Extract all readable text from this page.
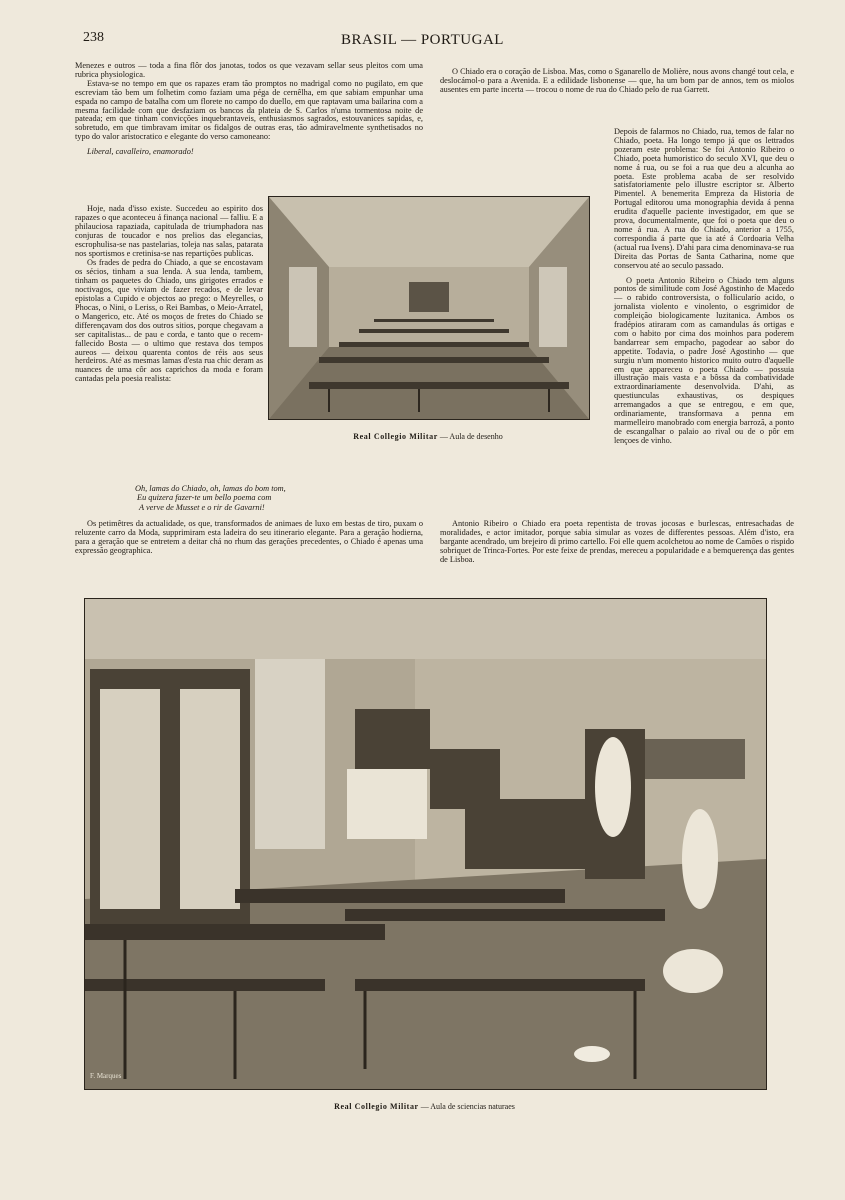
238	BRASIL — PORTUGAL

Menezes e outros — toda a fina flôr dos janotas, todos os que vezavam sellar seus pleitos com uma rubrica physiologica.

Estava-se no tempo em que os rapazes eram tão promptos no madrigal como no pugilato, em que escreviam tão bem um folhetim como faziam uma péga de cernêlha, em que sabiam empunhar uma espada no campo de batalha com um florete no campo do duello, em que raptavam uma bailarina com a mesma facilidade com que desfaziam os bancos da plateia de S. Carlos n'uma tormentosa noite de pateada; em que tinham convicções inquebrantaveis, enthusiasmos sagrados, estouvanices sapidas, e, sobretudo, em que timbravam imitar os fidalgos de outras eras, tão admiravelmente synthetisados no typo do valor aristocratico e elegante do verso camoneano:

Liberal, cavalleiro, enamorado!

Hoje, nada d'isso existe. Succedeu ao espirito dos rapazes o que aconteceu á finança nacional — falliu. E a philauciosa rapaziada, capitulada de triumphadora nas conjuras de toucador e nos prelios das elegancias, escrophulisa-se nas pastelarias, toleja nas salas, patarata nos sportismos e cretinisa-se nas repartições publicas.

Os frades de pedra do Chiado, a que se encostavam os sécios, tinham a sua lenda. A sua lenda, tambem, tinham os paquetes do Chiado, uns girigotes errados e noctivagos, que viviam de fazer recados, e de levar epistolas a Cupido e objectos ao prego: o Meyrelles, o Phocas, o Nini, o Leriss, o Rei Bambas, o Meio-Arratel, o Mangerico, etc. Até os moços de fretes do Chiado se differençavam dos dos outros sitios, porque chegavam a ser capitalistas... de pau e corda, e tanto que o recem-fallecido Bosta — o ultimo que restava dos tempos aureos — deixou quarenta contos de réis aos seus herdeiros. Até as mesmas lamas d'esta rua chic deram as nuances de uma côr aos caprichos da moda e foram cantadas pela poesia realista:

Oh, lamas do Chiado, oh, lamas do bom tom,

Eu quizera fazer-te um bello poema com

A verve de Musset e o rir de Gavarni!

Os petimêtres da actualidade, os que, transformados de animaes de luxo em bestas de tiro, puxam o reluzente carro da Moda, supprimiram esta ladeira do seu itinerario elegante. Para a geração hodierna, para a geração que se entretem a deitar chá no rhum das gerações precedentes, o Chiado é apenas uma expressão geographica.

O Chiado era o coração de Lisboa. Mas, como o Sganarello de Molière, nous avons changé tout cela, e deslocámol-o para a Avenida. E a edilidade lisbonense — que, ha um bom par de annos, tem os miolos ausentes em parte incerta — trocou o nome de rua do Chiado pelo de rua Garrett.

Depois de falarmos no Chiado, rua, temos de falar no Chiado, poeta. Ha longo tempo já que os lettrados pozeram este problema: Se foi Antonio Ribeiro o Chiado, poeta humoristico do seculo XVI, que deu o nome á rua, ou se foi a rua que deu a alcunha ao poeta. Este problema acaba de ser resolvido satisfatoriamente pelo illustre escriptor sr. Alberto Pimentel. A benemerita Empreza da Historia de Portugal editorou uma monographia devida á penna erudita d'aquelle paciente investigador, em que se prova, documentalmente, que foi o poeta que deu o nome á rua. A rua do Chiado, anterior a 1755, correspondia á parte que ia até á Cordoaria Velha (actual rua Ivens). D'ahi para cima denominava-se rua Direita das Portas de Santa Catharina, nome que conservou até ao seculo passado.

O poeta Antonio Ribeiro o Chiado tem alguns pontos de similitude com José Agostinho de Macedo — o rabido controversista, o follicularío acido, o jornalista violento e vinolento, o esgrimidor de compleição biologicamente luzitanica. Ambos os fradépios atiraram com as camandulas ás ortigas e com o habito por cima dos moinhos para poderem bandarrear sem empacho, pagodear ao sabor do appetite. Todavia, o padre José Agostinho — que surgiu n'um momento historico muito outro d'aquelle em que appareceu o poeta Chiado — possuia illustração mais vasta e a bôssa da combatividade extraordinariamente desenvolvida. D'ahi, as questiunculas exhaustivas, os despiques arremangados a que se entregou, e em que, ordinariamente, transformava a penna em marmelleiro manobrado com energia barrozã, a ponto de escangalhar o palaio ao rival ou de o pôr em lençoes de vinho.

Antonio Ribeiro o Chiado era poeta repentista de trovas jocosas e burlescas, entresachadas de moralidades, e actor imitador, porque sabia simular as vozes de differentes pessoas. Além d'isto, era bargante acendrado, um brejeiro di primo cartello. Foi elle quem acolchetou ao nome de Camões o rispido sobriquet de Trinca-Fortes. Por este feixe de prendas, mereceu a popularidade e a bemquerença das gentes de Lisboa.

Real Collegio Militar — Aula de desenho
F. Marques
Real Collegio Militar — Aula de sciencias naturaes
